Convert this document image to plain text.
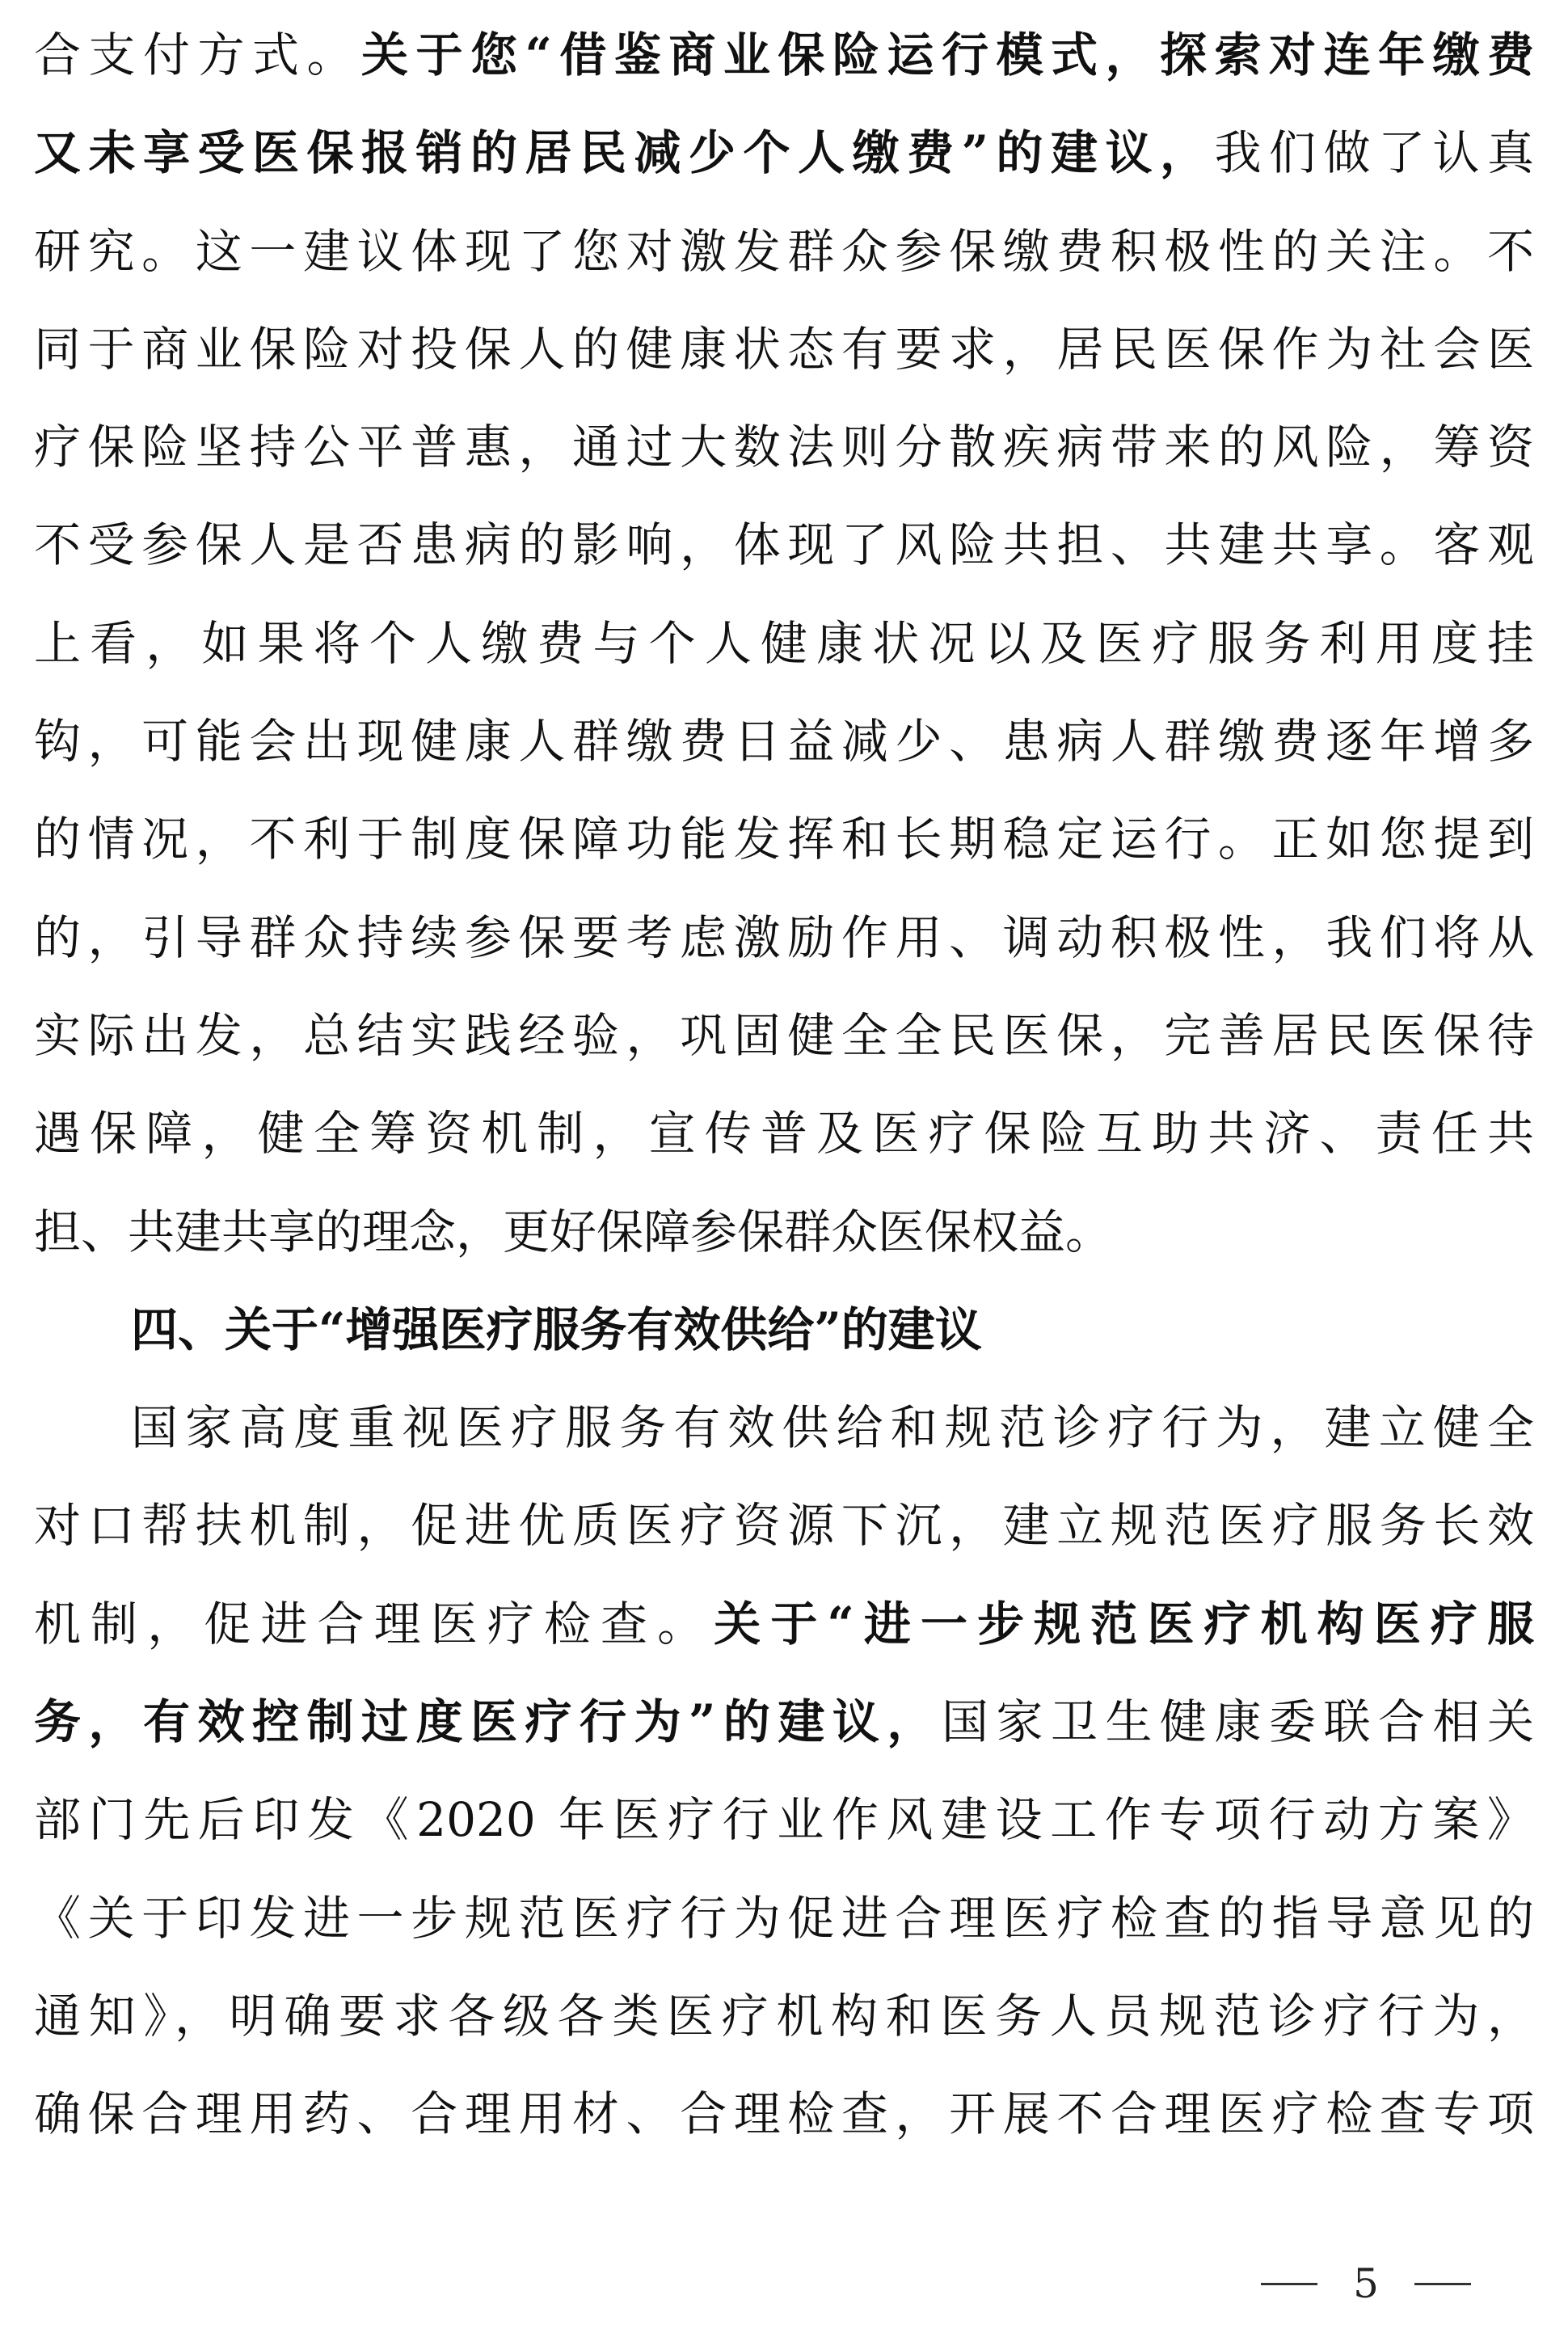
合支付方式。关于您“借鉴商业保险运行模式，探索对连年缴费
又未享受医保报销的居民减少个人缴费”的建议，我们做了认真
研究。这一建议体现了您对激发群众参保缴费积极性的关注。不
同于商业保险对投保人的健康状态有要求，居民医保作为社会医
疗保险坚持公平普惠，通过大数法则分散疾病带来的风险，筹资
不受参保人是否患病的影响，体现了风险共担、共建共享。客观
上看，如果将个人缴费与个人健康状况以及医疗服务利用度挂
钩，可能会出现健康人群缴费日益减少、患病人群缴费逐年增多
的情况，不利于制度保障功能发挥和长期稳定运行。正如您提到
的，引导群众持续参保要考虑激励作用、调动积极性，我们将从
实际出发，总结实践经验，巩固健全全民医保，完善居民医保待
遇保障，健全筹资机制，宣传普及医疗保险互助共济、责任共
担、共建共享的理念，更好保障参保群众医保权益。
四、关于“增强医疗服务有效供给”的建议
国家高度重视医疗服务有效供给和规范诊疗行为，建立健全
对口帮扶机制，促进优质医疗资源下沉，建立规范医疗服务长效
机制，促进合理医疗检查。关于“进一步规范医疗机构医疗服
务，有效控制过度医疗行为”的建议，国家卫生健康委联合相关
部门先后印发《2020 年医疗行业作风建设工作专项行动方案》
《关于印发进一步规范医疗行为促进合理医疗检查的指导意见的
通知》，明确要求各级各类医疗机构和医务人员规范诊疗行为，
确保合理用药、合理用材、合理检查，开展不合理医疗检查专项
5
